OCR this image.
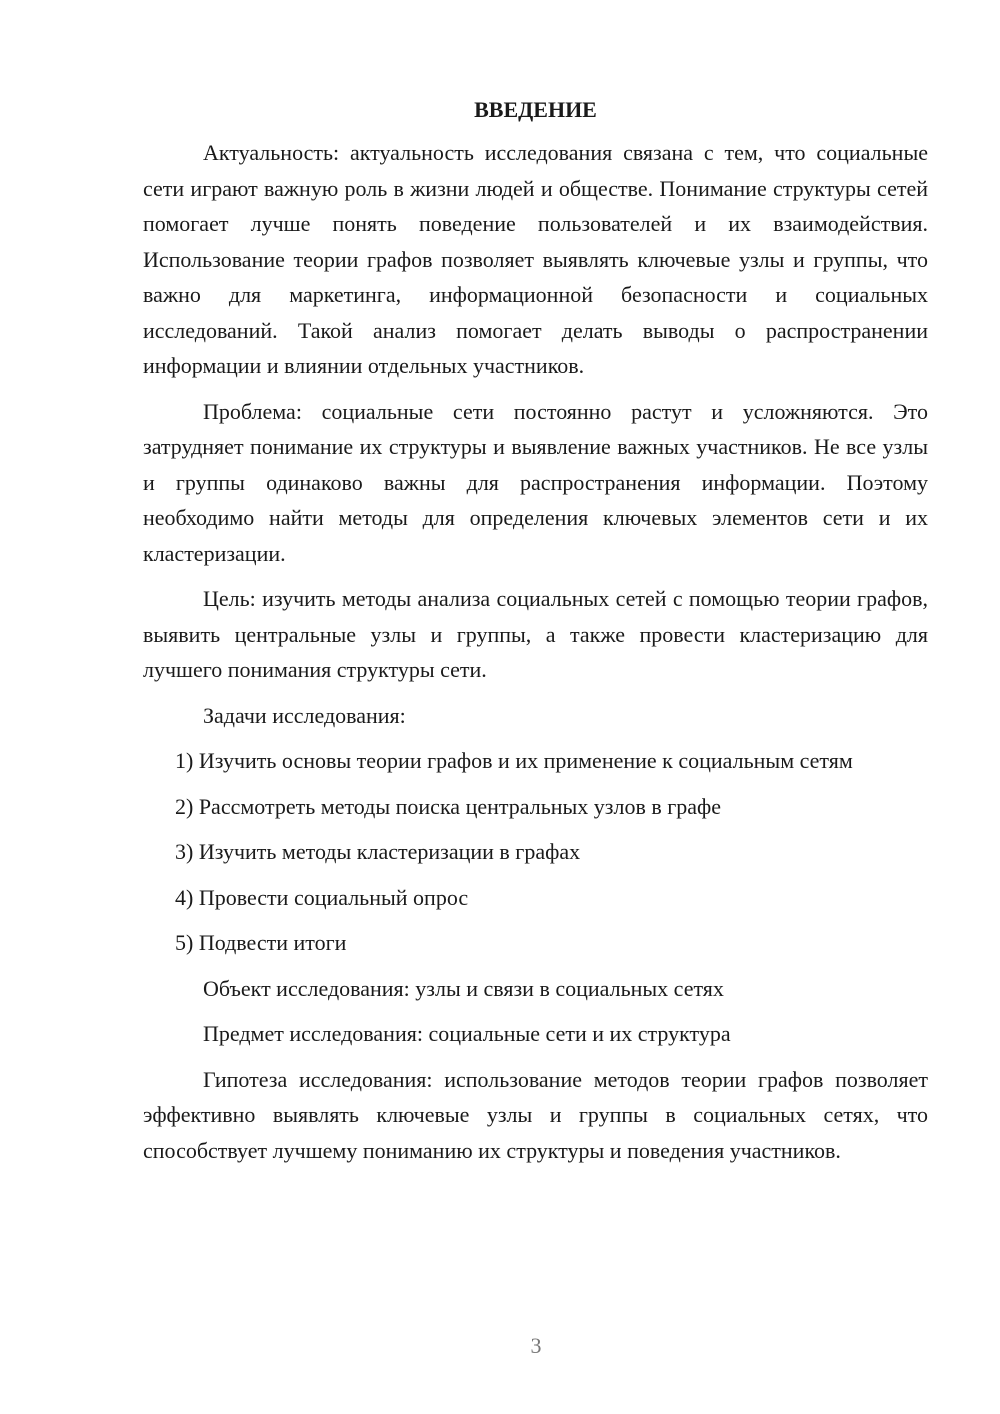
ВВЕДЕНИЕ

Актуальность: актуальность исследования связана с тем, что социальные сети играют важную роль в жизни людей и обществе. Понимание структуры сетей помогает лучше понять поведение пользователей и их взаимодействия. Использование теории графов позволяет выявлять ключевые узлы и группы, что важно для маркетинга, информационной безопасности и социальных исследований. Такой анализ помогает делать выводы о распространении информации и влиянии отдельных участников.

Проблема: социальные сети постоянно растут и усложняются. Это затрудняет понимание их структуры и выявление важных участников. Не все узлы и группы одинаково важны для распространения информации. Поэтому необходимо найти методы для определения ключевых элементов сети и их кластеризации.

Цель: изучить методы анализа социальных сетей с помощью теории графов, выявить центральные узлы и группы, а также провести кластеризацию для лучшего понимания структуры сети.

Задачи исследования:

1) Изучить основы теории графов и их применение к социальным сетям

2) Рассмотреть методы поиска центральных узлов в графе

3) Изучить методы кластеризации в графах

4) Провести социальный опрос

5) Подвести итоги

Объект исследования: узлы и связи в социальных сетях

Предмет исследования: социальные сети и их структура

Гипотеза исследования: использование методов теории графов позволяет эффективно выявлять ключевые узлы и группы в социальных сетях, что способствует лучшему пониманию их структуры и поведения участников.

3
